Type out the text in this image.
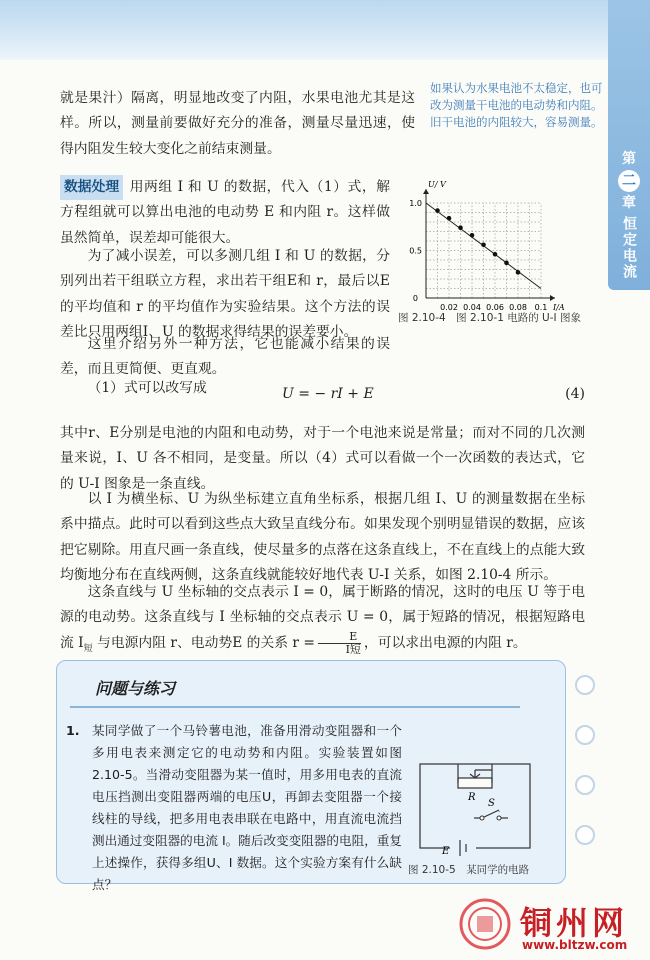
第
二
章
恒定电流

就是果汁）隔离，明显地改变了内阻，水果电池尤其是这样。所以，测量前要做好充分的准备，测量尽量迅速，使得内阻发生较大变化之前结束测量。

如果认为水果电池不太稳定，也可改为测量干电池的电动势和内阻。旧干电池的内阻较大，容易测量。

数据处理 用两组 I 和 U 的数据，代入（1）式，解方程组就可以算出电池的电动势 E 和内阻 r。这样做虽然简单，误差却可能很大。

为了减小误差，可以多测几组 I 和 U 的数据，分别列出若干组联立方程，求出若干组E和 r，最后以E的平均值和 r 的平均值作为实验结果。这个方法的误差比只用两组I、U 的数据求得结果的误差要小。

这里介绍另外一种方法，它也能减小结果的误差，而且更简便、更直观。

（1）式可以改写成	U = − rI + E	(4)

其中r、E分别是电池的内阻和电动势，对于一个电池来说是常量；而对不同的几次测量来说，I、U 各不相同，是变量。所以（4）式可以看做一个一次函数的表达式，它的 U-I 图象是一条直线。

以 I 为横坐标、U 为纵坐标建立直角坐标系，根据几组 I、U 的测量数据在坐标系中描点。此时可以看到这些点大致呈直线分布。如果发现个别明显错误的数据，应该把它剔除。用直尺画一条直线，使尽量多的点落在这条直线上，不在直线上的点能大致均衡地分布在直线两侧，这条直线就能较好地代表 U-I 关系，如图 2.10-4 所示。

这条直线与 U 坐标轴的交点表示 I = 0，属于断路的情况，这时的电压 U 等于电源的电动势。这条直线与 I 坐标轴的交点表示 U = 0，属于短路的情况，根据短路电流 $I_短$ 与电源内阻 r、电动势E 的关系 $r = \frac{E}{\text{I短}}$ ，可以求出电源的内阻 r。

0.02 0.04 0.06 0.08 0.1
0.5
1.0
0
I/A
U/ V
图 2.10-4　图 2.10-1 电路的 U-I 图象
问题与练习
1. 某同学做了一个马铃薯电池，准备用滑动变阻器和一个多用电表来测定它的电动势和内阻。实验装置如图 2.10-5。当滑动变阻器为某一值时，用多用电表的直流电压挡测出变阻器两端的电压U，再卸去变阻器一个接线柱的导线，把多用电表串联在电路中，用直流电流挡测出通过变阻器的电流 I。随后改变变阻器的电阻，重复上述操作，获得多组U、I 数据。这个实验方案有什么缺点？
R
S
E
图 2.10-5　某同学的电路
铜州网
www.bltzw.com
